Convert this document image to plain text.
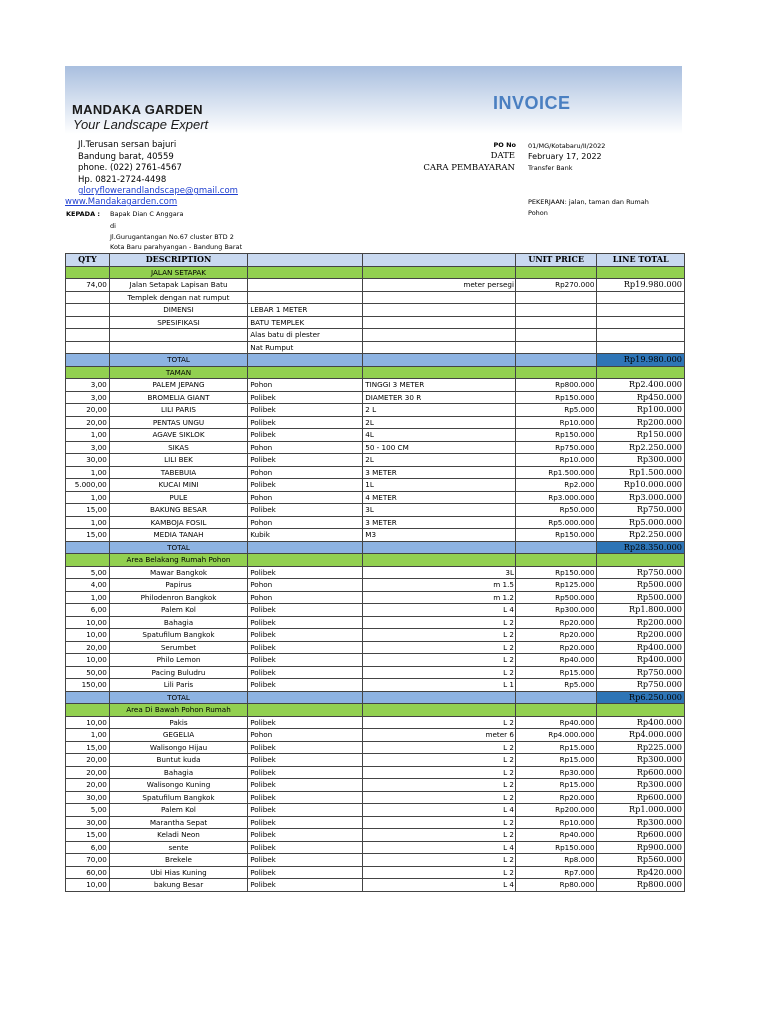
MANDAKA GARDEN
Your Landscape Expert
INVOICE
Jl.Terusan sersan bajuri
Bandung barat, 40559
phone. (022) 2761-4567
Hp. 0821-2724-4498
gloryflowerandlandscape@gmail.com
www.Mandakagarden.com
KEPADA : Bapak Dian C Anggara
di
Jl.Gurugantangan No.67 cluster BTD 2
Kota Baru parahyangan - Bandung Barat
PO No 01/MG/Kotabaru/II/2022
DATE February 17, 2022
CARA PEMBAYARAN Transfer Bank
PEKERJAAN: jalan, taman dan Rumah
Pohon
QTY	DESCRIPTION			UNIT PRICE	LINE TOTAL
	JALAN SETAPAK				
74,00	Jalan Setapak Lapisan Batu			meter persegi Rp270.000	Rp19.980.000
	Templek dengan nat rumput			

	DIMENSI	LEBAR 1 METER		

	SPESIFIKASI	BATU TEMPLEK		

		Alas batu di plester		

		Nat Rumput		

	TOTAL				Rp19.980.000
	TAMAN				
3,00	PALEM JEPANG	Pohon	TINGGI 3 METER	Rp800.000	Rp2.400.000
3,00	BROMELIA GIANT	Polibek	DIAMETER 30 R	Rp150.000	Rp450.000
20,00	LILI PARIS	Polibek	2 L	Rp5.000	Rp100.000
20,00	PENTAS UNGU	Polibek	2L	Rp10.000	Rp200.000
1,00	AGAVE SIKLOK	Polibek	4L	Rp150.000	Rp150.000
3,00	SIKAS	Pohon	50 - 100 CM	Rp750.000	Rp2.250.000
30,00	LILI BEK	Polibek	2L	Rp10.000	Rp300.000
1,00	TABEBUIA	Pohon	3 METER	Rp1.500.000	Rp1.500.000
5.000,00	KUCAI MINI	Polibek	1L	Rp2.000	Rp10.000.000
1,00	PULE	Pohon	4 METER	Rp3.000.000	Rp3.000.000
15,00	BAKUNG BESAR	Polibek	3L	Rp50.000	Rp750.000
1,00	KAMBOJA FOSIL	Pohon	3 METER	Rp5.000.000	Rp5.000.000
15,00	MEDIA TANAH	Kubik	M3	Rp150.000	Rp2.250.000
	TOTAL				Rp28.350.000
	Area Belakang Rumah Pohon				
5,00	Mawar Bangkok	Polibek		3L Rp150.000	Rp750.000
4,00	Papirus	Pohon		1.5 m Rp125.000	Rp500.000
1,00	Philodenron Bangkok	Pohon		1.2 m Rp500.000	Rp500.000
6,00	Palem Kol	Polibek		4 L Rp300.000	Rp1.800.000
10,00	Bahagia	Polibek		2 L Rp20.000	Rp200.000
10,00	Spatufilum Bangkok	Polibek		2 L Rp20.000	Rp200.000
20,00	Serumbet	Polibek		2 L Rp20.000	Rp400.000
10,00	Philo Lemon	Polibek		2 L Rp40.000	Rp400.000
50,00	Pacing Buludru	Polibek		2 L Rp15.000	Rp750.000
150,00	Lili Paris	Polibek		1 L Rp5.000	Rp750.000
	TOTAL				Rp6.250.000
	Area Di Bawah Pohon Rumah				
10,00	Pakis	Polibek		2 L Rp40.000	Rp400.000
1,00	GEGELIA	Pohon		6 meter Rp4.000.000	Rp4.000.000
15,00	Walisongo Hijau	Polibek		2 L Rp15.000	Rp225.000
20,00	Buntut kuda	Polibek		2 L Rp15.000	Rp300.000
20,00	Bahagia	Polibek		2 L Rp30.000	Rp600.000
20,00	Walisongo Kuning	Polibek		2 L Rp15.000	Rp300.000
30,00	Spatufilum Bangkok	Polibek		2 L Rp20.000	Rp600.000
5,00	Palem Kol	Polibek		4 L Rp200.000	Rp1.000.000
30,00	Marantha Sepat	Polibek		2 L Rp10.000	Rp300.000
15,00	Keladi Neon	Polibek		2 L Rp40.000	Rp600.000
6,00	sente	Polibek		4 L Rp150.000	Rp900.000
70,00	Brekele	Polibek		2 L Rp8.000	Rp560.000
60,00	Ubi Hias Kuning	Polibek		2 L Rp7.000	Rp420.000
10,00	bakung Besar	Polibek		4 L Rp80.000	Rp800.000
